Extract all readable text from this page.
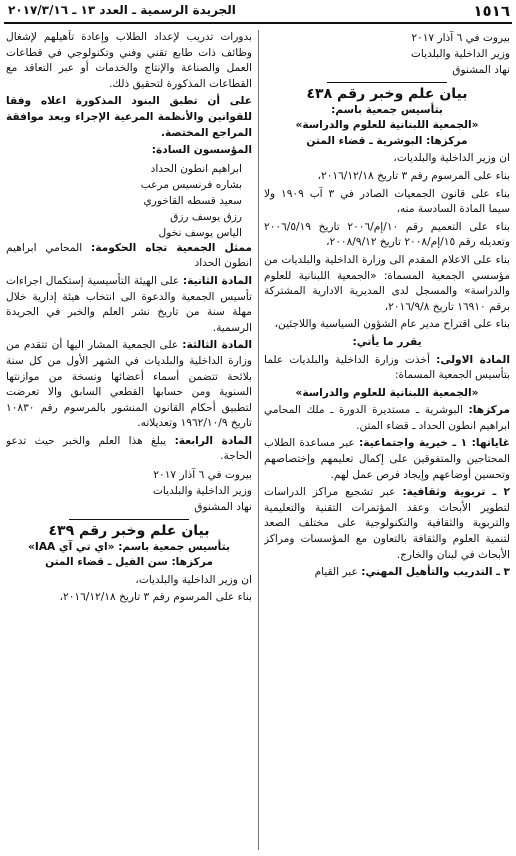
١٥١٦
الجريدة الرسمية ـ العدد ١٣ ـ ٢٠١٧/٣/١٦

بيروت في ٦ آذار ٢٠١٧

وزير الداخلية والبلديات

نهاد المشنوق

بيان علم وخبر رقم ٤٣٨
بتأسيس جمعية باسم:
«الجمعية اللبنانية للعلوم والدراسة»
مركزها: البوشرية ـ قضاء المتن

ان وزير الداخلية والبلديات،

بناء على المرسوم رقم ٣ تاريخ ٢٠١٦/١٢/١٨،

بناء على قانون الجمعيات الصادر في ٣ آب ١٩٠٩ ولا سيما المادة السادسة منه،

بناء على التعميم رقم ١٠/إم/٢٠٠٦ تاريخ ٢٠٠٦/٥/١٩ وتعديله رقم ١٥/إم/٢٠٠٨ تاريخ ٢٠٠٨/٩/١٢،

بناء على الاعلام المقدم الى وزارة الداخلية والبلديات من مؤسسي الجمعية المسماة: «الجمعية اللبنانية للعلوم والدراسة» والمسجل لدى المديرية الادارية المشتركة برقم ١٦٩١٠ تاريخ ٢٠١٦/٩/٨،

بناء على اقتراح مدير عام الشؤون السياسية واللاجئين،

يقرر ما يأتي:

المادة الاولى: أخذت وزارة الداخلية والبلديات علما بتأسيس الجمعية المسماة:

«الجمعية اللبنانية للعلوم والدراسة»

مركزها: البوشرية ـ مستديرة الدورة ـ ملك المحامي ابراهيم انطون الحداد ـ قضاء المتن.

غاياتها: ١ ـ خيرية واجتماعية: عبر مساعدة الطلاب المحتاجين والمتفوقين على إكمال تعليمهم وإختصاصهم وتحسين أوضاعهم وإيجاد فرص عمل لهم.

٢ ـ تربوية وثقافية: عبر تشجيع مراكز الدراسات لتطوير الأبحاث وعقد المؤتمرات التقنية والتعليمية والتربوية والثقافية والتكنولوجية على مختلف الصعد لتنمية العلوم والثقافة بالتعاون مع المؤسسات ومراكز الأبحاث في لبنان والخارج.

٣ ـ التدريب والتأهيل المهني: عبر القيام

بدورات تدريب لإعداد الطلاب وإعادة تأهيلهم لإشغال وظائف ذات طابع تقني وفني وتكنولوجي في قطاعات العمل والصناعة والإنتاج والخدمات أو عبر التعاقد مع القطاعات المذكورة لتحقيق ذلك.

على أن تطبق البنود المذكورة اعلاه وفقا للقوانين والأنظمة المرعية الإجراء وبعد موافقة المراجع المختصة.

المؤسسون السادة:

ابراهيم انطون الحداد

بشاره فرنسيس مرعب

سعيد قسطه القاخوري

رزق يوسف رزق

الياس يوسف نخول

ممثل الجمعية تجاه الحكومة: المحامي ابراهيم انطون الحداد

المادة الثانية: على الهيئة التأسيسية إستكمال اجراءات تأسيس الجمعية والدعوة الى انتخاب هيئة إدارية خلال مهلة سنة من تاريخ نشر العلم والخبر في الجريدة الرسمية.

المادة الثالثة: على الجمعية المشار اليها أن تتقدم من وزارة الداخلية والبلديات في الشهر الأول من كل سنة بلائحة تتضمن أسماء أعضائها ونسخة من موازنتها السنوية ومن حسابها القطعي السابق والا تعرضت لتطبيق أحكام القانون المنشور بالمرسوم رقم ١٠٨٣٠ تاريخ ١٩٦٢/١٠/٩ وتعديلاته.

المادة الرابعة: يبلغ هذا العلم والخبر حيث تدعو الحاجة.

بيروت في ٦ آذار ٢٠١٧

وزير الداخلية والبلديات

نهاد المشنوق

بيان علم وخبر رقم ٤٣٩
بتأسيس جمعية باسم: «اي تي آي IAA»
مركزها: سن الفيل ـ قضاء المتن

ان وزير الداخلية والبلديات،

بناء على المرسوم رقم ٣ تاريخ ٢٠١٦/١٢/١٨،
